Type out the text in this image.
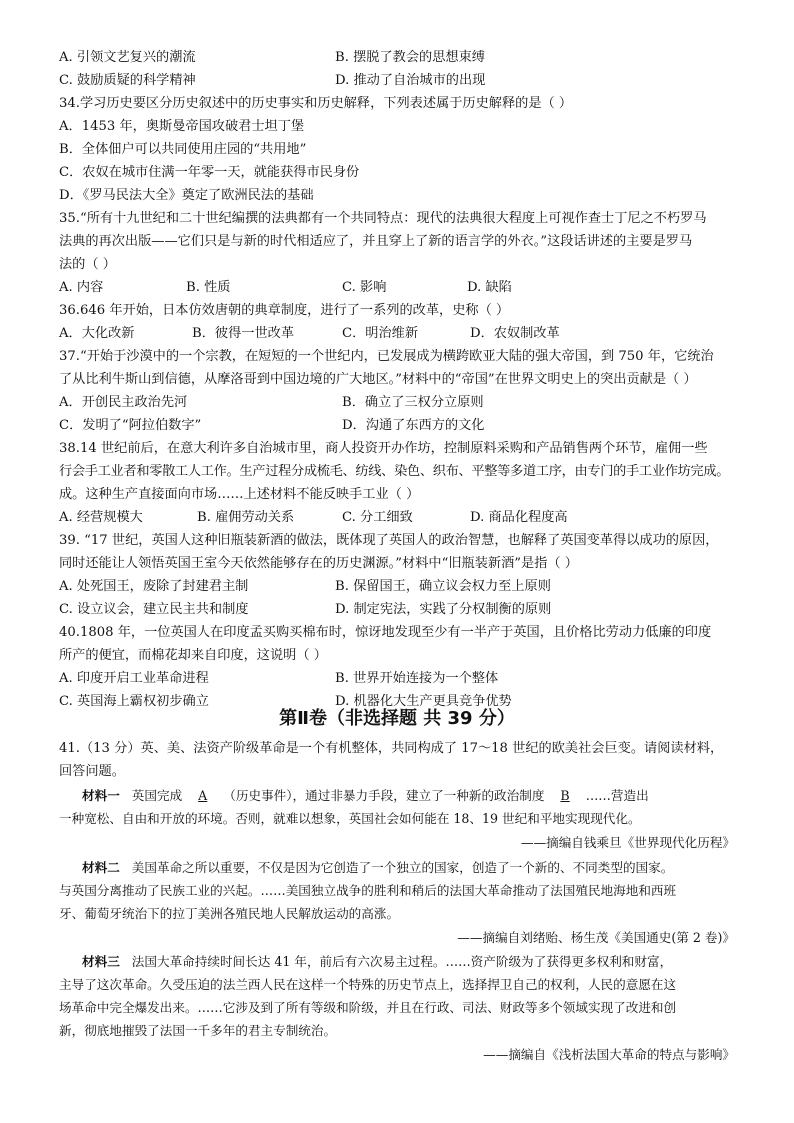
A. 引领文艺复兴的潮流	B. 摆脱了教会的思想束缚
C. 鼓励质疑的科学精神	D. 推动了自治城市的出现
34.学习历史要区分历史叙述中的历史事实和历史解释，下列表述属于历史解释的是（ ）
A．1453 年，奥斯曼帝国攻破君士坦丁堡
B．全体佃户可以共同使用庄园的“共用地”
C．农奴在城市住满一年零一天，就能获得市民身份
D．《罗马民法大全》奠定了欧洲民法的基础
35.“所有十九世纪和二十世纪编撰的法典都有一个共同特点：现代的法典很大程度上可视作查士丁尼之不朽罗马
法典的再次出版——它们只是与新的时代相适应了，并且穿上了新的语言学的外衣。”这段话讲述的主要是罗马
法的（ ）
A. 内容	B. 性质	C. 影响	D. 缺陷
36.646 年开始，日本仿效唐朝的典章制度，进行了一系列的改革，史称（ ）
A．大化改新	B．彼得一世改革	C．明治维新	D．农奴制改革
37.“开始于沙漠中的一个宗教，在短短的一个世纪内，已发展成为横跨欧亚大陆的强大帝国，到 750 年，它统治
了从比利牛斯山到信德，从摩洛哥到中国边境的广大地区。”材料中的“帝国”在世界文明史上的突出贡献是（ ）
A．开创民主政治先河	B．确立了三权分立原则
C．发明了“阿拉伯数字”	D．沟通了东西方的文化
38.14 世纪前后，在意大利许多自治城市里，商人投资开办作坊，控制原料采购和产品销售两个环节，雇佣一些
行会手工业者和零散工人工作。生产过程分成梳毛、纺线、染色、织布、平整等多道工序，由专门的手工业作坊完成。
成。这种生产直接面向市场……上述材料不能反映手工业（ ）
A. 经营规模大	B. 雇佣劳动关系	C. 分工细致	D. 商品化程度高
39. “17 世纪，英国人这种旧瓶装新酒的做法，既体现了英国人的政治智慧，也解释了英国变革得以成功的原因，
同时还能让人领悟英国王室今天依然能够存在的历史渊源。”材料中“旧瓶装新酒”是指（ ）
A. 处死国王，废除了封建君主制	B. 保留国王，确立议会权力至上原则
C. 设立议会，建立民主共和制度	D. 制定宪法，实践了分权制衡的原则
40.1808 年，一位英国人在印度孟买购买棉布时，惊讶地发现至少有一半产于英国，且价格比劳动力低廉的印度
所产的便宜，而棉花却来自印度，这说明（ ）
A. 印度开启工业革命进程	B. 世界开始连接为一个整体
C. 英国海上霸权初步确立	D. 机器化大生产更具竞争优势
第Ⅱ卷（非选择题 共 39 分）
41.（13 分）英、美、法资产阶级革命是一个有机整体，共同构成了 17～18 世纪的欧美社会巨变。请阅读材料，
回答问题。
材料一 英国完成 A （历史事件），通过非暴力手段，建立了一种新的政治制度 B ……营造出
一种宽松、自由和开放的环境。否则，就难以想象，英国社会如何能在 18、19 世纪和平地实现现代化。
——摘编自钱乘旦《世界现代化历程》
材料二 美国革命之所以重要，不仅是因为它创造了一个独立的国家，创造了一个新的、不同类型的国家。
与英国分离推动了民族工业的兴起。……美国独立战争的胜利和稍后的法国大革命推动了法国殖民地海地和西班
牙、葡萄牙统治下的拉丁美洲各殖民地人民解放运动的高涨。
——摘编自刘绪贻、杨生茂《美国通史(第 2 卷)》
材料三 法国大革命持续时间长达 41 年，前后有六次易主过程。……资产阶级为了获得更多权利和财富，
主导了这次革命。久受压迫的法兰西人民在这样一个特殊的历史节点上，选择捍卫自己的权利，人民的意愿在这
场革命中完全爆发出来。……它涉及到了所有等级和阶级，并且在行政、司法、财政等多个领域实现了改进和创
新，彻底地摧毁了法国一千多年的君主专制统治。
——摘编自《浅析法国大革命的特点与影响》
